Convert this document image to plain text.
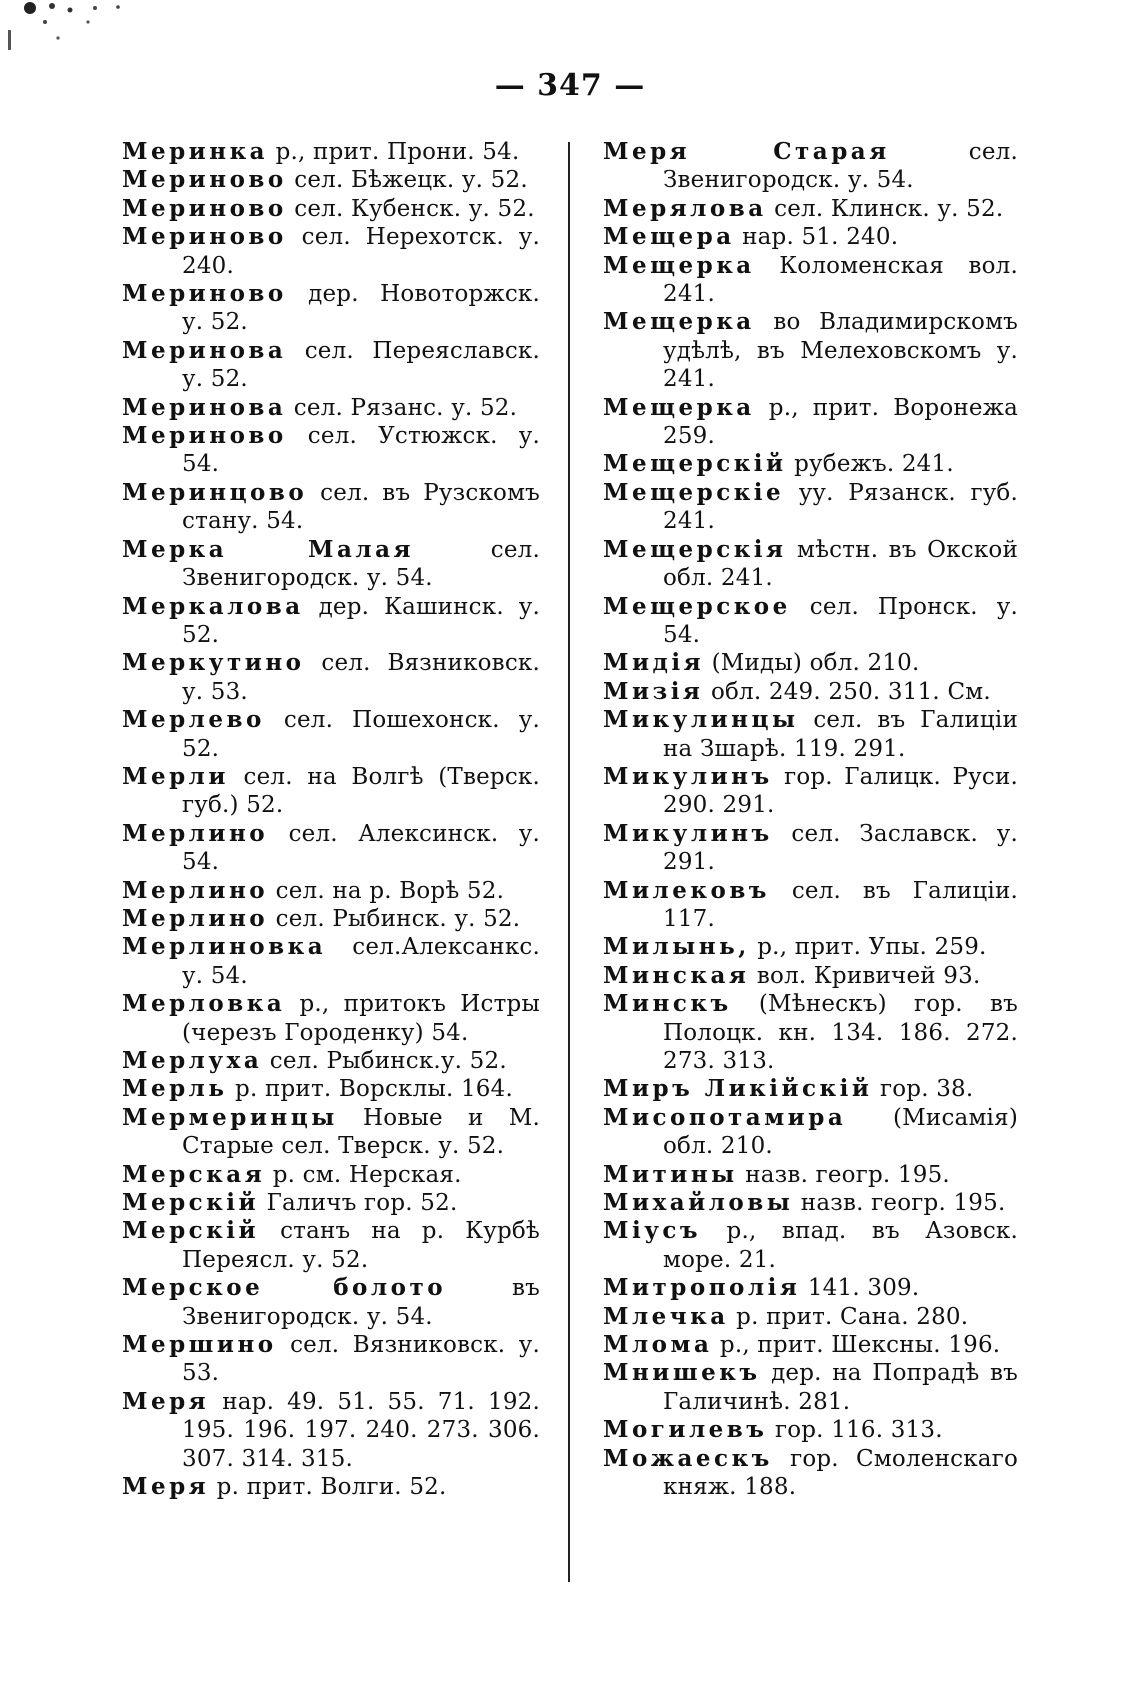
— 347 —
Меринка р., прит. Прони. 54.
Мериново сел. Бѣжецк. у. 52.
Мериново сел. Кубенск. у. 52.
Мериново сел. Нерехотск. у. 240.
Мериново дер. Новоторжск. у. 52.
Меринова сел. Переяславск. у. 52.
Меринова сел. Рязанс. у. 52.
Мериново сел. Устюжск. у. 54.
Меринцово сел. въ Рузскомъ стану. 54.
Мерка Малая сел. Звенигородск. у. 54.
Меркалова дер. Кашинск. у. 52.
Меркутино сел. Вязниковск. у. 53.
Мерлево сел. Пошехонск. у. 52.
Мерли сел. на Волгѣ (Тверск. губ.) 52.
Мерлино сел. Алексинск. у. 54.
Мерлино сел. на р. Ворѣ 52.
Мерлино сел. Рыбинск. у. 52.
Мерлиновка сел.Алексанкс. у. 54.
Мерловка р., притокъ Истры (черезъ Городенку) 54.
Мерлуха сел. Рыбинск.у. 52.
Мерль р. прит. Ворсклы. 164.
Мермеринцы Новые и М. Старые сел. Тверск. у. 52.
Мерская р. см. Нерская.
Мерскій Галичъ гор. 52.
Мерскій станъ на р. Курбѣ Переясл. у. 52.
Мерское болото въ Звенигородск. у. 54.
Мершино сел. Вязниковск. у. 53.
Меря нар. 49. 51. 55. 71. 192. 195. 196. 197. 240. 273. 306. 307. 314. 315.
Меря р. прит. Волги. 52.
Меря Старая сел. Звенигородск. у. 54.
Мерялова сел. Клинск. у. 52.
Мещера нар. 51. 240.
Мещерка Коломенская вол. 241.
Мещерка во Владимирскомъ удѣлѣ, въ Мелеховскомъ у. 241.
Мещерка р., прит. Воронежа 259.
Мещерскій рубежъ. 241.
Мещерскіе уу. Рязанск. губ. 241.
Мещерскія мѣстн. въ Окской обл. 241.
Мещерское сел. Пронск. у. 54.
Мидія (Миды) обл. 210.
Мизія обл. 249. 250. 311. См.
Микулинцы сел. въ Галиціи на Зшарѣ. 119. 291.
Микулинъ гор. Галицк. Руси. 290. 291.
Микулинъ сел. Заславск. у. 291.
Милековъ сел. въ Галиціи. 117.
Милынь, р., прит. Упы. 259.
Минская вол. Кривичей 93.
Минскъ (Мѣнескъ) гор. въ Полоцк. кн. 134. 186. 272. 273. 313.
Миръ Ликійскій гор. 38.
Мисопотамира (Мисамія) обл. 210.
Митины назв. геогр. 195.
Михайловы назв. геогр. 195.
Міусъ р., впад. въ Азовск. море. 21.
Митрополія 141. 309.
Млечка р. прит. Сана. 280.
Млома р., прит. Шексны. 196.
Мнишекъ дер. на Попрадѣ въ Галичинѣ. 281.
Могилевъ гор. 116. 313.
Можаескъ гор. Смоленскаго княж. 188.
